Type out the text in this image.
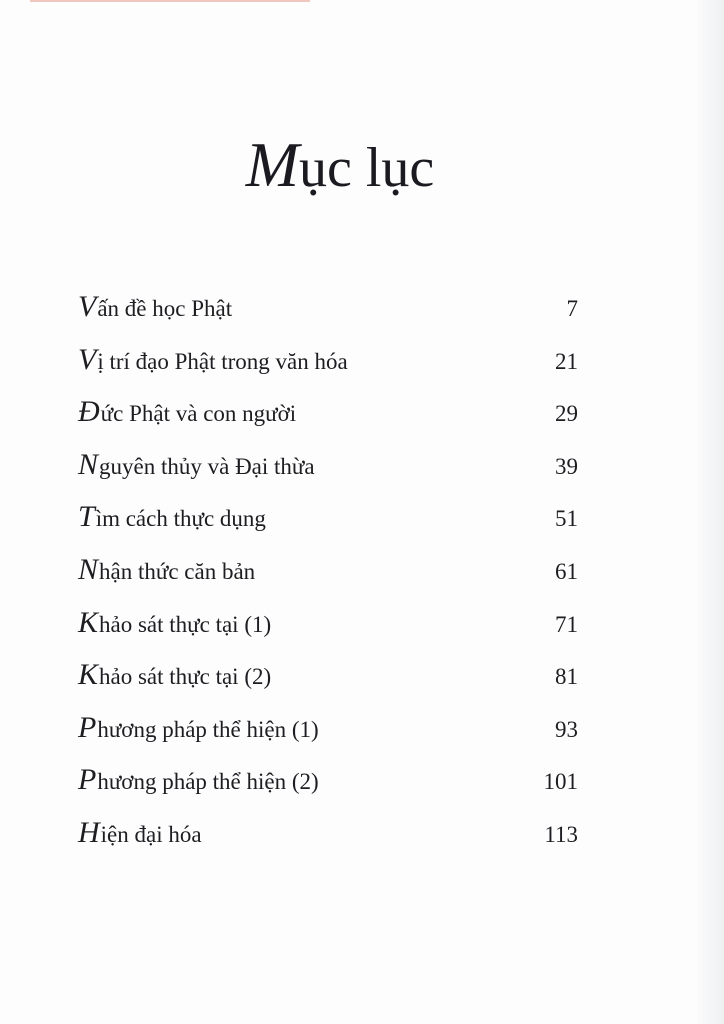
Mục lục
Vấn đề học Phật	7
Vị trí đạo Phật trong văn hóa	21
Đức Phật và con người	29
Nguyên thủy và Đại thừa	39
Tìm cách thực dụng	51
Nhận thức căn bản	61
Khảo sát thực tại (1)	71
Khảo sát thực tại (2)	81
Phương pháp thể hiện (1)	93
Phương pháp thể hiện (2)	101
Hiện đại hóa	113
